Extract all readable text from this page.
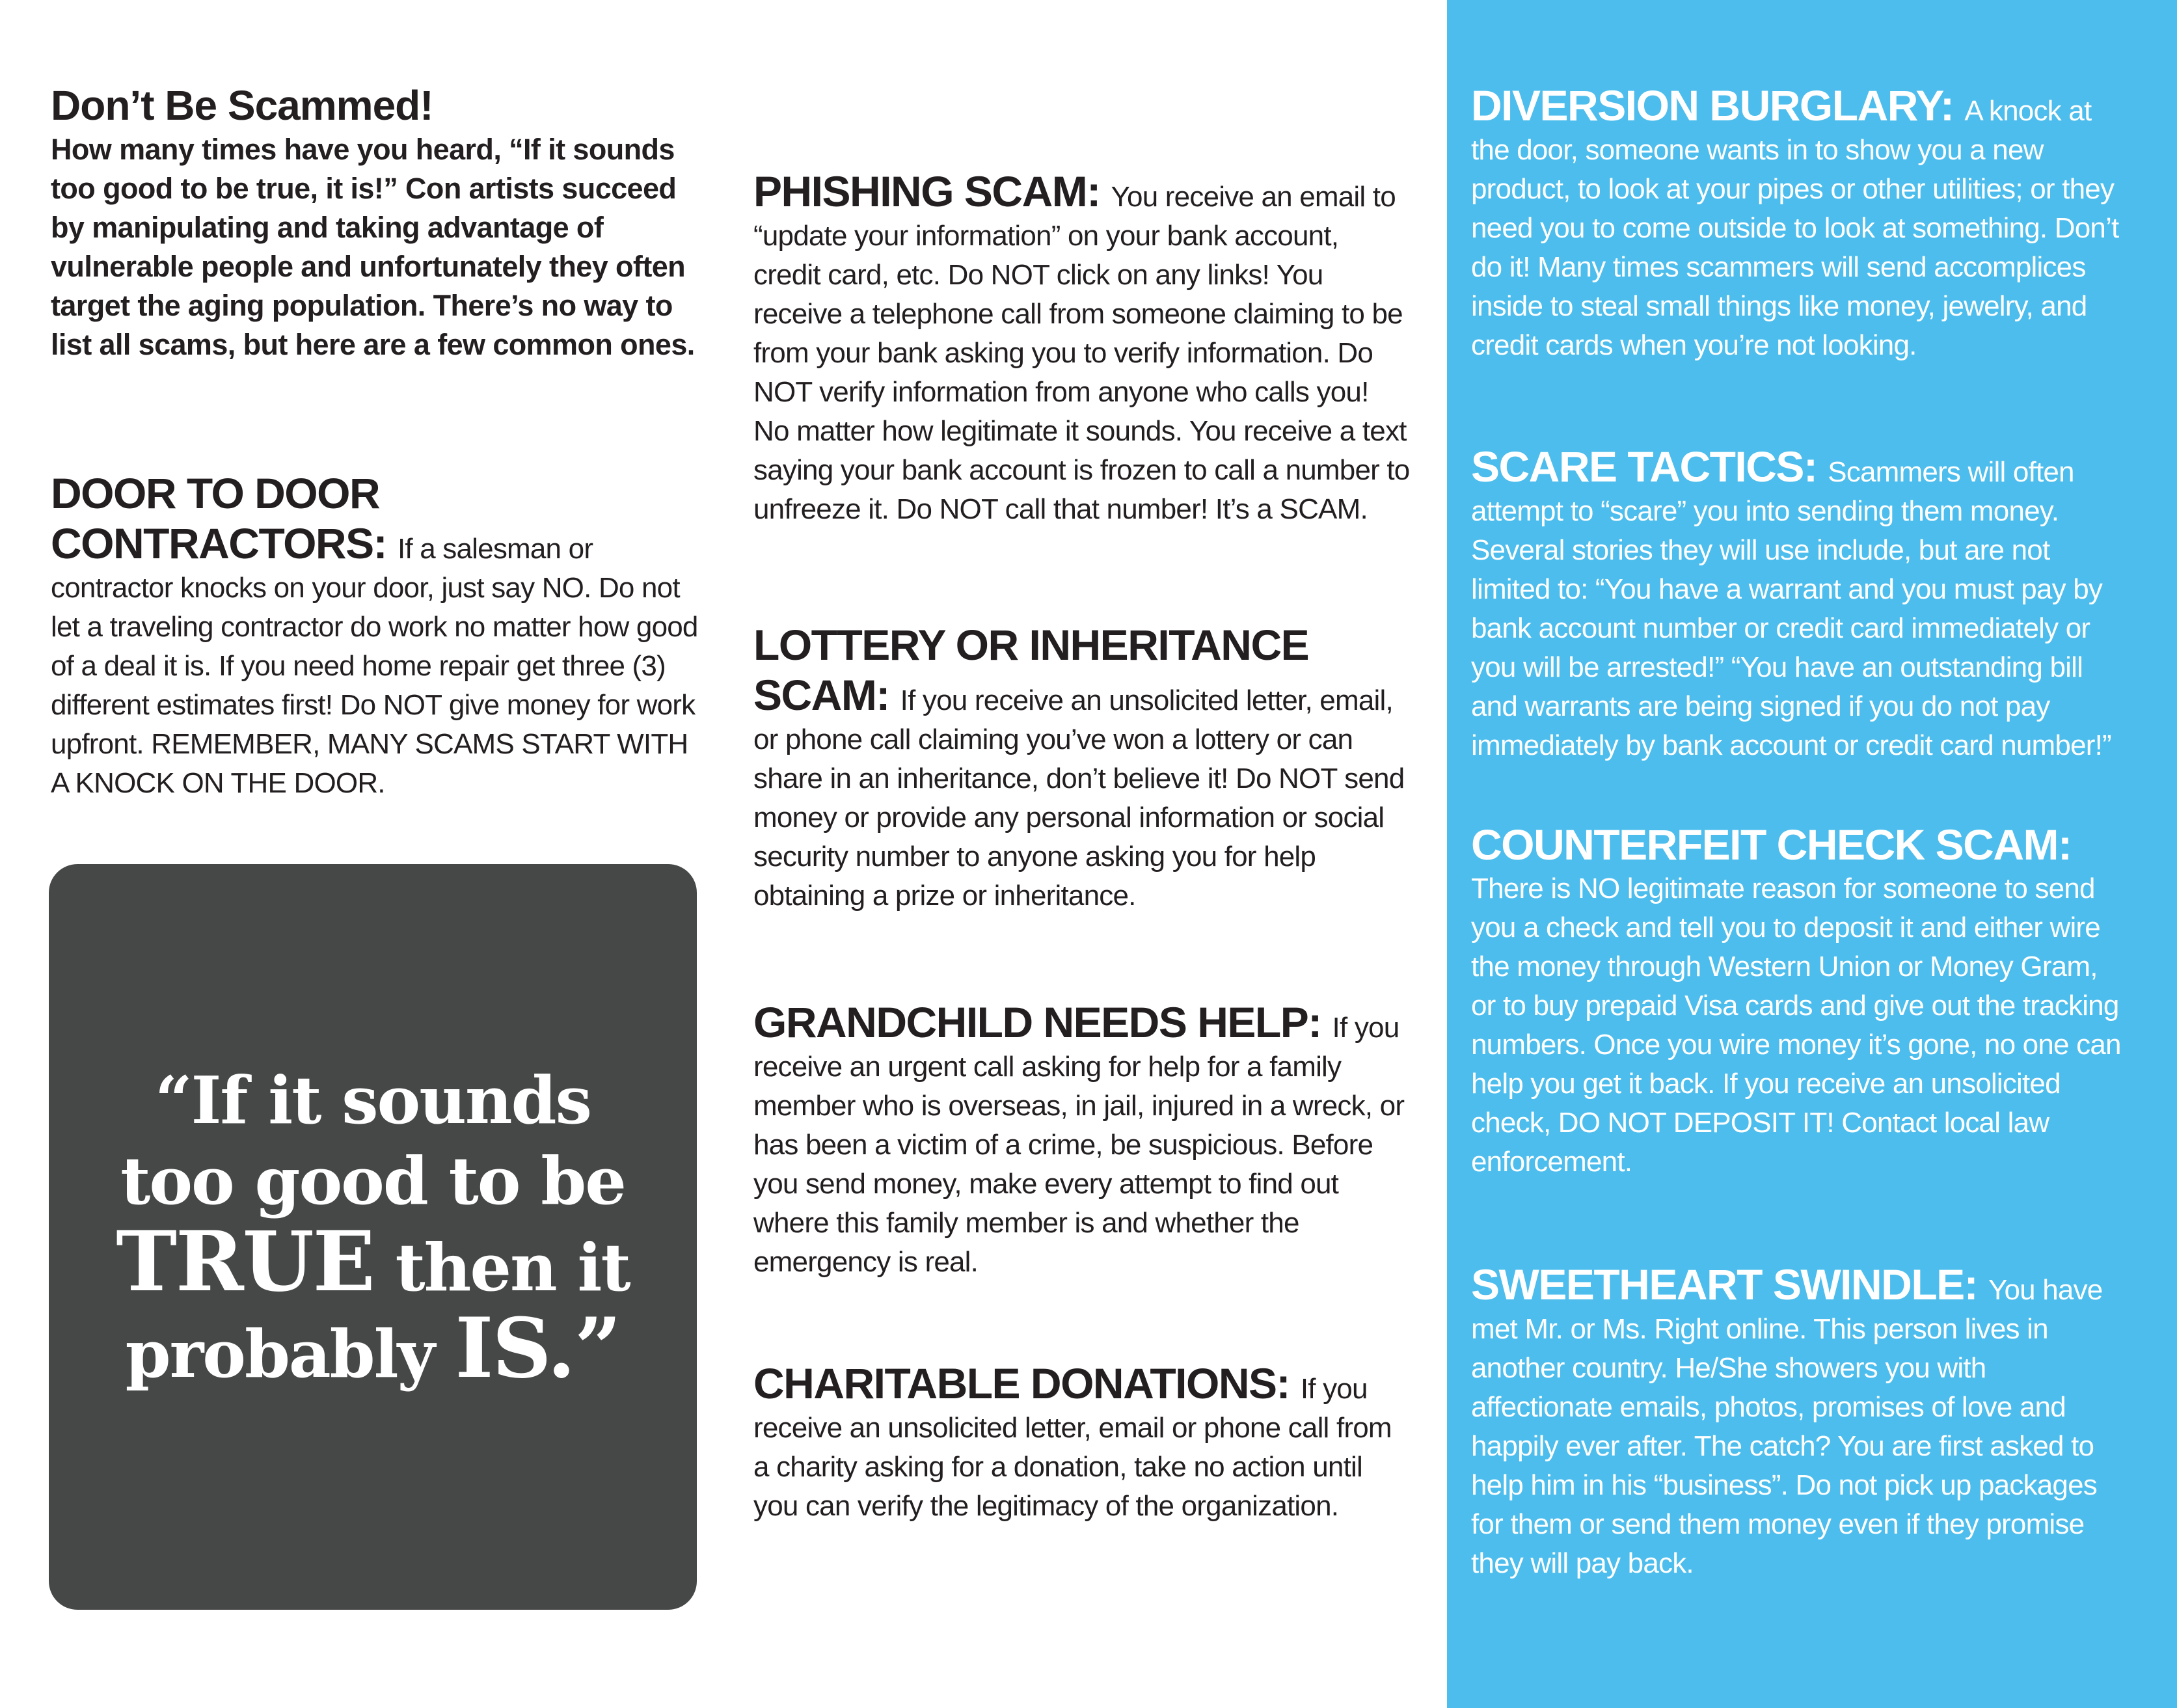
Don’t Be Scammed!

How many times have you heard, “If it sounds too good to be true, it is!” Con artists succeed by manipulating and taking advantage of vulnerable people and unfortunately they often target the aging population. There’s no way to list all scams, but here are a few common ones.

DOOR TO DOOR CONTRACTORS: If a salesman or contractor knocks on your door, just say NO. Do not let a traveling contractor do work no matter how good of a deal it is. If you need home repair get three (3) different estimates first! Do NOT give money for work upfront. REMEMBER, MANY SCAMS START WITH A KNOCK ON THE DOOR.

“If it sounds
too good to be
TRUE then it
probably IS.”

PHISHING SCAM: You receive an email to “update your information” on your bank account, credit card, etc. Do NOT click on any links! You receive a telephone call from someone claiming to be from your bank asking you to verify information. Do NOT verify information from anyone who calls you! No matter how legitimate it sounds. You receive a text saying your bank account is frozen to call a number to unfreeze it. Do NOT call that number! It’s a SCAM.

LOTTERY OR INHERITANCE SCAM: If you receive an unsolicited letter, email, or phone call claiming you’ve won a lottery or can share in an inheritance, don’t believe it! Do NOT send money or provide any personal information or social security number to anyone asking you for help obtaining a prize or inheritance.

GRANDCHILD NEEDS HELP: If you receive an urgent call asking for help for a family member who is overseas, in jail, injured in a wreck, or has been a victim of a crime, be suspicious. Before you send money, make every attempt to find out where this family member is and whether the emergency is real.

CHARITABLE DONATIONS: If you receive an unsolicited letter, email or phone call from a charity asking for a donation, take no action until you can verify the legitimacy of the organization.

DIVERSION BURGLARY: A knock at the door, someone wants in to show you a new product, to look at your pipes or other utilities; or they need you to come outside to look at something. Don’t do it! Many times scammers will send accomplices inside to steal small things like money, jewelry, and credit cards when you’re not looking.

SCARE TACTICS: Scammers will often attempt to “scare” you into sending them money. Several stories they will use include, but are not limited to: “You have a warrant and you must pay by bank account number or credit card immediately or you will be arrested!” “You have an outstanding bill and warrants are being signed if you do not pay immediately by bank account or credit card number!”

COUNTERFEIT CHECK SCAM:
There is NO legitimate reason for someone to send you a check and tell you to deposit it and either wire the money through Western Union or Money Gram, or to buy prepaid Visa cards and give out the tracking numbers. Once you wire money it’s gone, no one can help you get it back. If you receive an unsolicited check, DO NOT DEPOSIT IT! Contact local law enforcement.

SWEETHEART SWINDLE: You have met Mr. or Ms. Right online. This person lives in another country. He/She showers you with affectionate emails, photos, promises of love and happily ever after. The catch? You are first asked to help him in his “business”. Do not pick up packages for them or send them money even if they promise they will pay back.
